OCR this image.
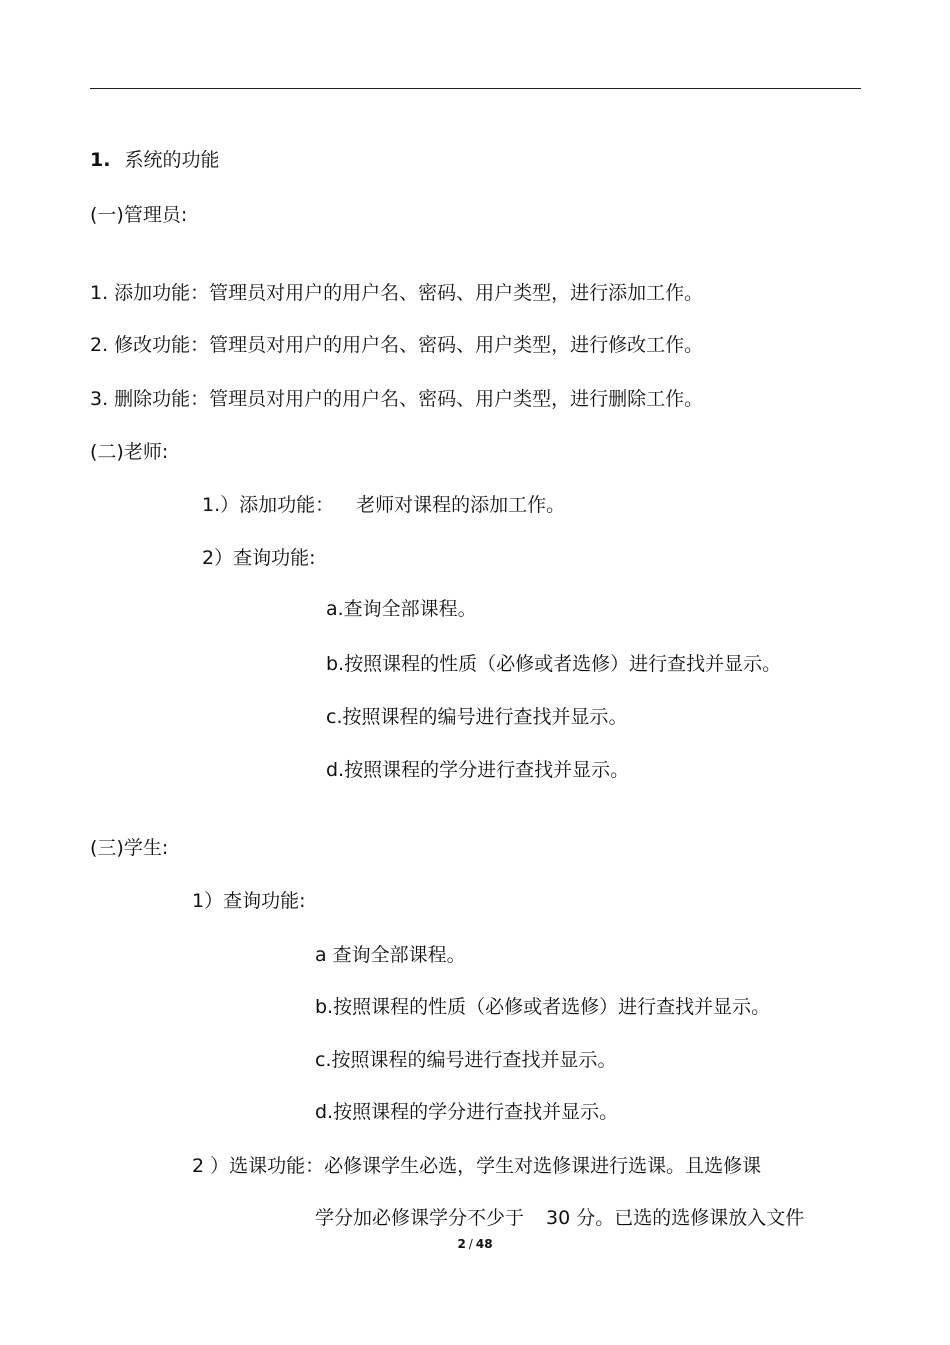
1. 系统的功能
(一)管理员:
1. 添加功能：管理员对用户的用户名、密码、用户类型，进行添加工作。
2. 修改功能：管理员对用户的用户名、密码、用户类型，进行修改工作。
3. 删除功能：管理员对用户的用户名、密码、用户类型，进行删除工作。
(二)老师:
1.）添加功能： 老师对课程的添加工作。
2）查询功能:
a.查询全部课程。
b.按照课程的性质（必修或者选修）进行查找并显示。
c.按照课程的编号进行查找并显示。
d.按照课程的学分进行查找并显示。
(三)学生:
1）查询功能:
a 查询全部课程。
b.按照课程的性质（必修或者选修）进行查找并显示。
c.按照课程的编号进行查找并显示。
d.按照课程的学分进行查找并显示。
2 ）选课功能：必修课学生必选，学生对选修课进行选课。且选修课
学分加必修课学分不少于 30 分。已选的选修课放入文件
2 / 48
